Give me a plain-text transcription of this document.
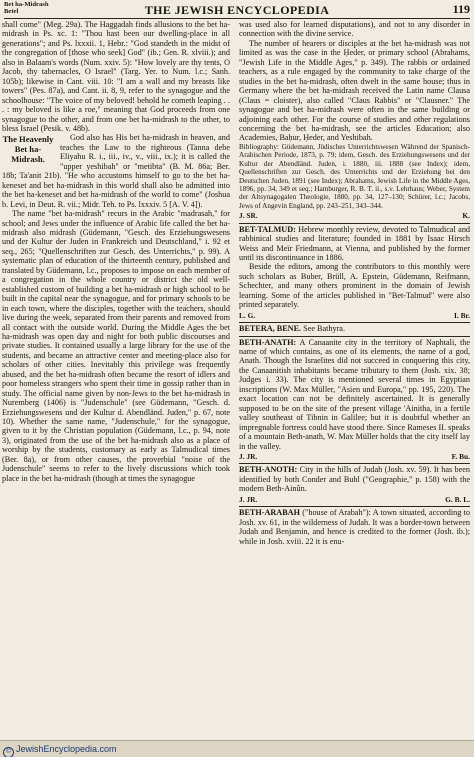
Bet ha-Midrash
Betel	THE JEWISH ENCYCLOPEDIA	119

shall come" (Meg. 29a). The Haggadah finds allusions to the bet ha-midrash in Ps. xc. 1: "Thou hast been our dwelling-place in all generations"; and Ps. lxxxii. 1, Hebr.: "God standeth in the midst of the congregation of [those who seek] God" (ib.; Gen. R. xlviii.); and also in Balaam's words (Num. xxiv. 5): "How lovely are thy tents, O Jacob, thy tabernacles, O Israel" (Targ. Yer. to Num. l.c.; Sanh. 105b); likewise in Cant. viii. 10: "I am a wall and my breasts like towers" (Pes. 87a), and Cant. ii. 8, 9, refer to the synagogue and the schoolhouse: "The voice of my beloved! behold he cometh leaping . . . : my beloved is like a roe," meaning that God proceeds from one synagogue to the other, and from one bet ha-midrash to the other, to bless Israel (Pesik. v. 48b).

The Heavenly Bet ha-Midrash.
God also has His bet ha-midrash in heaven, and teaches the Law to the righteous (Tanna debe Eliyahu R. i., iii., iv., v., viii., ix.); it is called the "upper yeshibah" or "metibta" (B. M. 86a; Ber. 18b; Ta'anit 21b). "He who accustoms himself to go to the bet ha-keneset and bet ha-midrash in this world shall also be admitted into the bet ha-keneset and bet ha-midrash of the world to come" (Joshua b. Levi, in Deut. R. vii.; Midr. Teh. to Ps. lxxxiv. 5 [A. V. 4]).

The name "bet ha-midrash" recurs in the Arabic "madrasah," for school; and Jews under the influence of Arabic life called the bet ha-midrash also midrash (Güdemann, "Gesch. des Erziehungswesens und der Kultur der Juden in Frankreich und Deutschland," i. 92 et seq., 265; "Quellenschriften zur Gesch. des Unterrichts," p. 99). A systematic plan of education of the thirteenth century, published and translated by Güdemann, l.c., proposes to impose on each member of a congregation in the whole country or district the old well-established custom of building a bet ha-midrash or high school to be built in the capital near the synagogue, and for primary schools to be in each town, where the disciples, together with the teachers, should live during the week, separated from their parents and removed from all contact with the outside world. During the Middle Ages the bet ha-midrash was open day and night for both public discourses and private studies. It contained usually a large library for the use of the students, and became an attractive center and meeting-place also for scholars of other cities. Inevitably this privilege was frequently abused, and the bet ha-midrash often became the resort of idlers and poor homeless strangers who spent their time in gossip rather than in study. The official name given by non-Jews to the bet ha-midrash in Nuremberg (1406) is "Judenschule" (see Güdemann, "Gesch. d. Erziehungswesens und der Kultur d. Abendländ. Juden," p. 67, note 10). Whether the same name, "Judenschule," for the synagogue, given to it by the Christian population (Güdemann, l.c., p. 94, note 3), originated from the use of the bet ha-midrash also as a place of worship by the students, customary as early as Talmudical times (Ber. 8a), or from other causes, the proverbial "noise of the Judenschule" seems to refer to the lively discussions which took place in the bet ha-midrash (though at times the synagogue

was used also for learned disputations), and not to any disorder in connection with the divine service.

The number of hearers or disciples at the bet ha-midrash was not limited as was the case in the Ḥeder, or primary school (Abrahams, "Jewish Life in the Middle Ages," p. 349). The rabbis or ordained teachers, as a rule engaged by the community to take charge of the studies in the bet ha-midrash, often dwelt in the same house; thus in Germany where the bet ha-midrash received the Latin name Clausa (Claus = cloister), also called "Claus Rabbis" or "Clausner." The synagogue and bet ha-midrash were often in the same building or adjoining each other. For the course of studies and other regulations concerning the bet ha-midrash, see the articles Education; also Academies, Baḥur, Ḥeder, and Yeshibah.

Bibliography: Güdemann, Jüdisches Unterrichtswesen Während der Spanisch-Arabischen Periode, 1873, p. 79; idem, Gesch. des Erziehungswesens und der Kultur der Abendländ. Juden, i. 1880, iii. 1888 (see Index); idem, Quellenschriften zur Gesch. des Unterrichts und der Erziehung bei den Deutschen Juden, 1891 (see Index); Abrahams, Jewish Life in the Middle Ages, 1896, pp. 34, 349 et seq.; Hamburger, R. B. T. ii., s.v. Lehrhaus; Weber, System der Altsynagogalen Theologie, 1880, pp. 34, 127–130; Schürer, l.c.; Jacobs, Jews of Angevin England, pp. 243–251, 343–344.

J. SR.	K.

BET-TALMUD: Hebrew monthly review, devoted to Talmudical and rabbinical studies and literature; founded in 1881 by Isaac Hirsch Weiss and Meïr Friedmann, at Vienna, and published by the former until its discontinuance in 1886.

Beside the editors, among the contributors to this monthly were such scholars as Buber, Brüll, A. Epstein, Güdemann, Reifmann, Schechter, and many others prominent in the domain of Jewish learning. Some of the articles published in "Bet-Talmud" were also printed separately.

L. G.	I. Br.

BETERA, BENE. See Bathyra.

BETH-ANATH: A Canaanite city in the territory of Naphtali, the name of which contains, as one of its elements, the name of a god, Anath. Though the Israelites did not succeed in conquering this city, the Canaanitish inhabitants became tributary to them (Josh. xix. 38; Judges i. 33). The city is mentioned several times in Egyptian inscriptions (W. Max Müller, "Asien und Europa," pp. 195, 220). The exact location can not be definitely ascertained. It is generally supposed to be on the site of the present village 'Ainitha, in a fertile valley southeast of Tibnin in Galilee; but it is doubtful whether an impregnable fortress could have stood there. Since Rameses II. speaks of a mountain Beth-anath, W. Max Müller holds that the city itself lay in the valley.

J. JR.	F. Bu.

BETH-ANOTH: City in the hills of Judah (Josh. xv. 59). It has been identified by both Conder and Buhl ("Geographie," p. 158) with the modern Beth-Ainûn.

J. JR.	G. B. L.

BETH-ARABAH ("house of Arabah"): A town situated, according to Josh. xv. 61, in the wilderness of Judah. It was a border-town between Judah and Benjamin, and hence is credited to the former (Josh. ib.); while in Josh. xviii. 22 it is enu-

© JewishEncyclopedia.com
